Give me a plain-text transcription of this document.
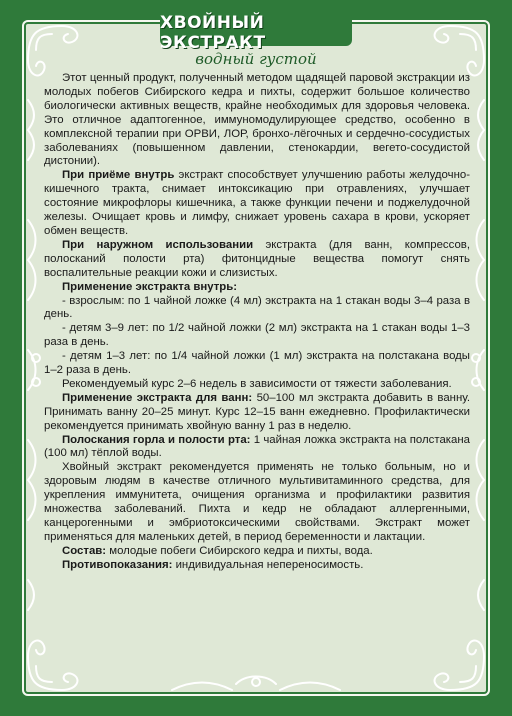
ХВОЙНЫЙ ЭКСТРАКТ
водный густой

Этот ценный продукт, полученный методом щадящей паровой экстракции из молодых побегов Сибирского кедра и пихты, содержит большое количество биологически активных веществ, крайне необходимых для здоровья человека. Это отличное адаптогенное, иммуномодулирующее средство, особенно в комплексной терапии при ОРВИ, ЛОР, бронхо-лёгочных и сердечно-сосудистых заболеваниях (повышенном давлении, стенокардии, вегето-сосудистой дистонии).

При приёме внутрь экстракт способствует улучшению работы желудочно-кишечного тракта, снимает интоксикацию при отравлениях, улучшает состояние микрофлоры кишечника, а также функции печени и поджелудочной железы. Очищает кровь и лимфу, снижает уровень сахара в крови, ускоряет обмен веществ.

При наружном использовании экстракта (для ванн, компрессов, полосканий полости рта) фитонцидные вещества помогут снять воспалительные реакции кожи и слизистых.

Применение экстракта внутрь:

- взрослым: по 1 чайной ложке (4 мл) экстракта на 1 стакан воды 3–4 раза в день.

- детям 3–9 лет: по 1/2 чайной ложки (2 мл) экстракта на 1 стакан воды 1–3 раза в день.

- детям 1–3 лет: по 1/4 чайной ложки (1 мл) экстракта на полстакана воды 1–2 раза в день.

Рекомендуемый курс 2–6 недель в зависимости от тяжести заболевания.

Применение экстракта для ванн: 50–100 мл экстракта добавить в ванну. Принимать ванну 20–25 минут. Курс 12–15 ванн ежедневно. Профилактически рекомендуется принимать хвойную ванну 1 раз в неделю.

Полоскания горла и полости рта: 1 чайная ложка экстракта на полстакана (100 мл) тёплой воды.

Хвойный экстракт рекомендуется применять не только больным, но и здоровым людям в качестве отличного мультивитаминного средства, для укрепления иммунитета, очищения организма и профилактики развития множества заболеваний. Пихта и кедр не обладают аллергенными, канцерогенными и эмбриотоксическими свойствами. Экстракт может применяться для маленьких детей, в период беременности и лактации.

Состав: молодые побеги Сибирского кедра и пихты, вода.

Противопоказания: индивидуальная непереносимость.
